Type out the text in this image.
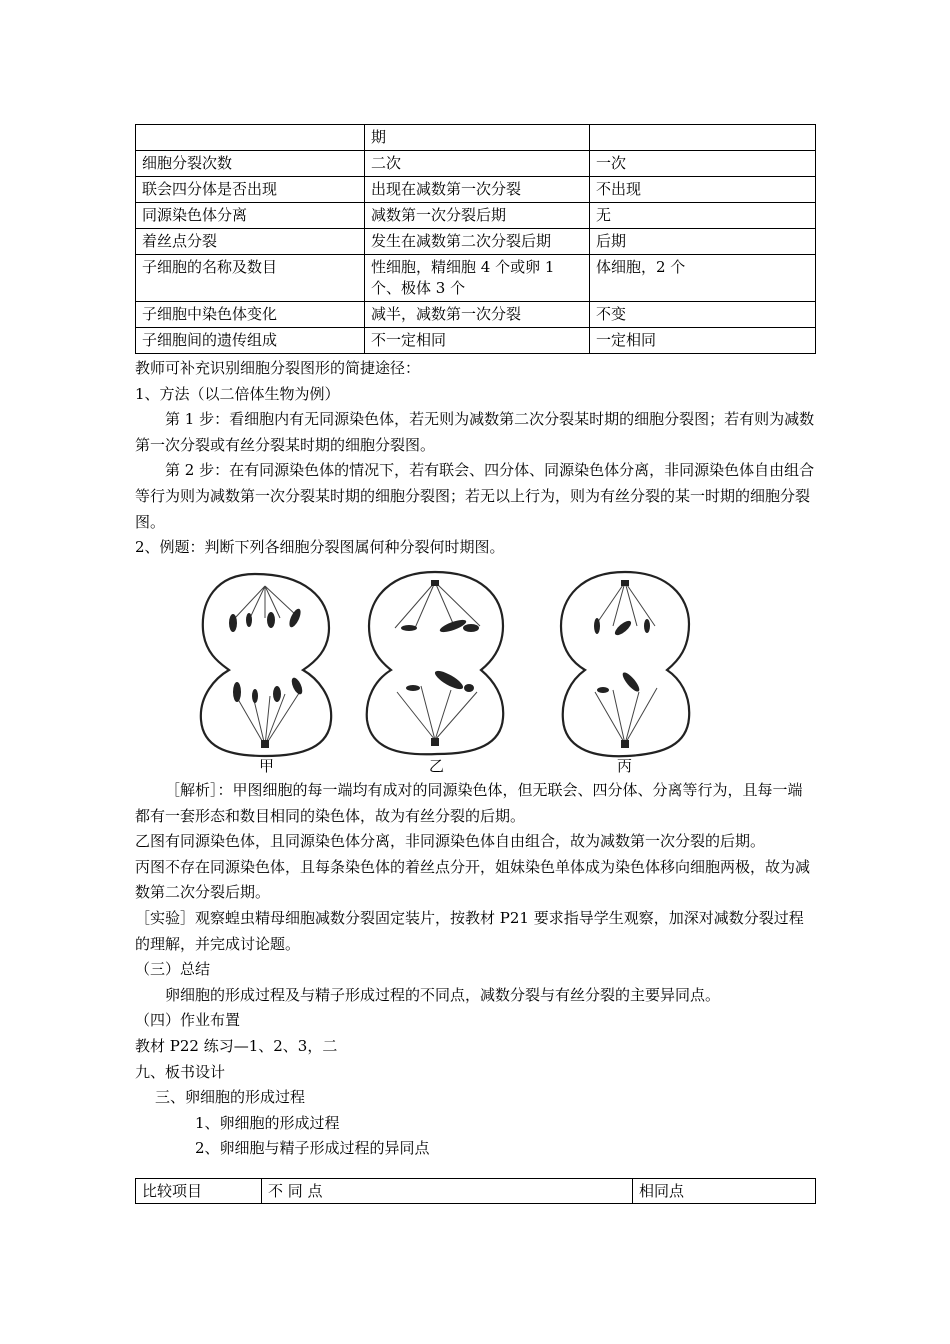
	期	
细胞分裂次数	二次	一次
联会四分体是否出现	出现在减数第一次分裂	不出现
同源染色体分离	减数第一次分裂后期	无
着丝点分裂	发生在减数第二次分裂后期	后期
子细胞的名称及数目	性细胞，精细胞 4 个或卵 1 个、极体 3 个	体细胞，2 个
子细胞中染色体变化	减半，减数第一次分裂	不变
子细胞间的遗传组成	不一定相同	一定相同

教师可补充识别细胞分裂图形的简捷途径：

1、方法（以二倍体生物为例）

第 1 步：看细胞内有无同源染色体，若无则为减数第二次分裂某时期的细胞分裂图；若有则为减数第一次分裂或有丝分裂某时期的细胞分裂图。

第 2 步：在有同源染色体的情况下，若有联会、四分体、同源染色体分离，非同源染色体自由组合等行为则为减数第一次分裂某时期的细胞分裂图；若无以上行为，则为有丝分裂的某一时期的细胞分裂图。

2、例题：判断下列各细胞分裂图属何种分裂何时期图。

甲	乙	丙

［解析］：甲图细胞的每一端均有成对的同源染色体，但无联会、四分体、分离等行为，且每一端都有一套形态和数目相同的染色体，故为有丝分裂的后期。

乙图有同源染色体，且同源染色体分离，非同源染色体自由组合，故为减数第一次分裂的后期。

丙图不存在同源染色体，且每条染色体的着丝点分开，姐妹染色单体成为染色体移向细胞两极，故为减数第二次分裂后期。

［实验］观察蝗虫精母细胞减数分裂固定装片，按教材 P21 要求指导学生观察，加深对减数分裂过程的理解，并完成讨论题。

（三）总结

卵细胞的形成过程及与精子形成过程的不同点，减数分裂与有丝分裂的主要异同点。

（四）作业布置

教材 P22 练习—1、2、3，二

九、板书设计

三、卵细胞的形成过程

1、卵细胞的形成过程

2、卵细胞与精子形成过程的异同点

比较项目	不 同 点	相同点
